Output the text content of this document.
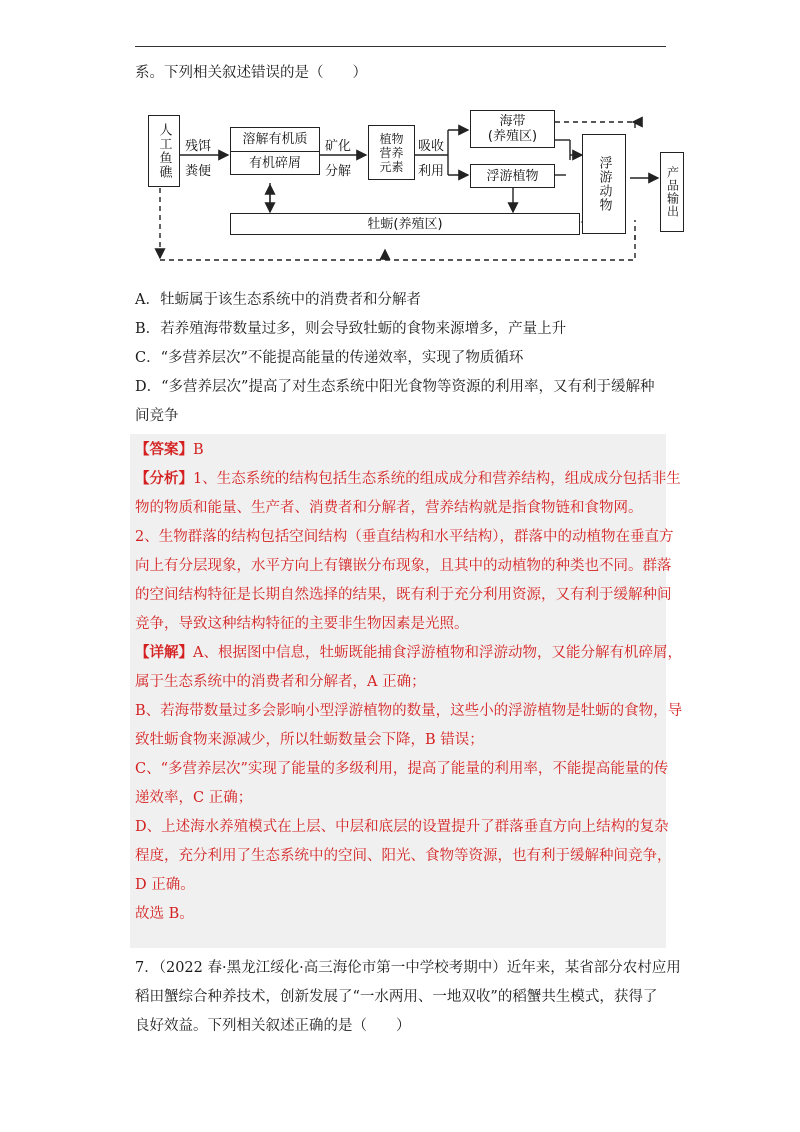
系。下列相关叙述错误的是（　　）
人工鱼礁	残饵
粪便
溶解有机质
有机碎屑
矿化
分解
植物营养元素
吸收
利用
海带
(养殖区)
浮游植物	浮游动物	产品输出
牡蛎(养殖区)
A．牡蛎属于该生态系统中的消费者和分解者
B．若养殖海带数量过多，则会导致牡蛎的食物来源增多，产量上升
C．“多营养层次”不能提高能量的传递效率，实现了物质循环
D．“多营养层次”提高了对生态系统中阳光食物等资源的利用率，又有利于缓解种
间竞争
【答案】B
【分析】1、生态系统的结构包括生态系统的组成成分和营养结构，组成成分包括非生
物的物质和能量、生产者、消费者和分解者，营养结构就是指食物链和食物网。
2、生物群落的结构包括空间结构（垂直结构和水平结构），群落中的动植物在垂直方
向上有分层现象，水平方向上有镶嵌分布现象，且其中的动植物的种类也不同。群落
的空间结构特征是长期自然选择的结果，既有利于充分利用资源，又有利于缓解种间
竞争，导致这种结构特征的主要非生物因素是光照。
【详解】A、根据图中信息，牡蛎既能捕食浮游植物和浮游动物，又能分解有机碎屑，
属于生态系统中的消费者和分解者，A 正确；
B、若海带数量过多会影响小型浮游植物的数量，这些小的浮游植物是牡蛎的食物，导
致牡蛎食物来源减少，所以牡蛎数量会下降，B 错误；
C、“多营养层次”实现了能量的多级利用，提高了能量的利用率，不能提高能量的传
递效率，C 正确；
D、上述海水养殖模式在上层、中层和底层的设置提升了群落垂直方向上结构的复杂
程度，充分利用了生态系统中的空间、阳光、食物等资源，也有利于缓解种间竞争，
D 正确。
故选 B。
7．（2022 春·黑龙江绥化·高三海伦市第一中学校考期中）近年来，某省部分农村应用
稻田蟹综合种养技术，创新发展了“一水两用、一地双收”的稻蟹共生模式，获得了
良好效益。下列相关叙述正确的是（　　）
